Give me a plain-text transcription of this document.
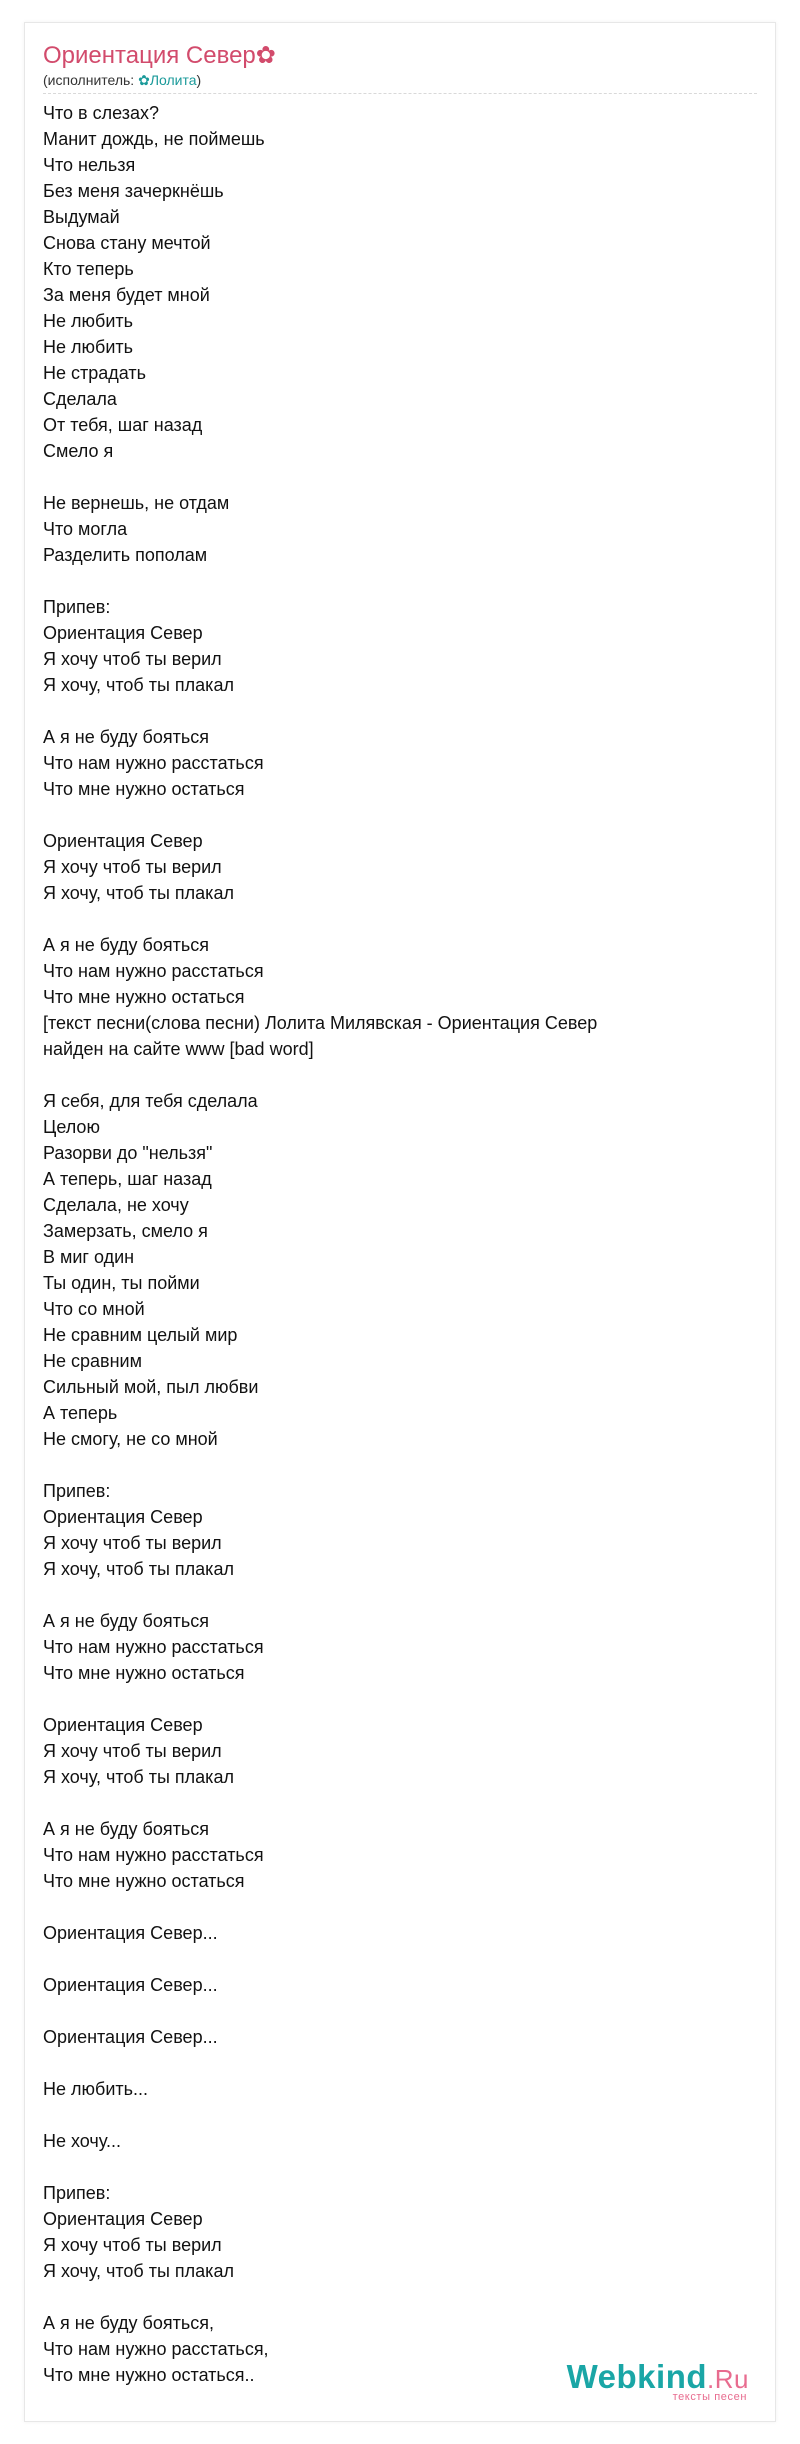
Ориентация Север✿
(исполнитель: ✿Лолита)
Что в слезах?
Манит дождь, не поймешь
Что нельзя
Без меня зачеркнёшь
Выдумай
Снова стану мечтой
Кто теперь
За меня будет мной
Не любить
Не любить
Не страдать
Сделала
От тебя, шаг назад
Смело я
Не вернешь, не отдам
Что могла
Разделить пополам
Припев:
Ориентация Север
Я хочу чтоб ты верил
Я хочу, чтоб ты плакал
А я не буду бояться
Что нам нужно расстаться
Что мне нужно остаться
Ориентация Север
Я хочу чтоб ты верил
Я хочу, чтоб ты плакал
А я не буду бояться
Что нам нужно расстаться
Что мне нужно остаться
[текст песни(слова песни) Лолита Милявская - Ориентация Север
найден на сайте www [bad word]
Я себя, для тебя сделала
Целою
Разорви до "нельзя"
А теперь, шаг назад
Сделала, не хочу
Замерзать, смело я
В миг один
Ты один, ты пойми
Что со мной
Не сравним целый мир
Не сравним
Сильный мой, пыл любви
А теперь
Не смогу, не со мной
Припев:
Ориентация Север
Я хочу чтоб ты верил
Я хочу, чтоб ты плакал
А я не буду бояться
Что нам нужно расстаться
Что мне нужно остаться
Ориентация Север
Я хочу чтоб ты верил
Я хочу, чтоб ты плакал
А я не буду бояться
Что нам нужно расстаться
Что мне нужно остаться
Ориентация Север...
Ориентация Север...
Ориентация Север...
Не любить...
Не хочу...
Припев:
Ориентация Север
Я хочу чтоб ты верил
Я хочу, чтоб ты плакал
А я не буду бояться,
Что нам нужно расстаться,
Что мне нужно остаться..	Webkind.Ru
тексты песен
